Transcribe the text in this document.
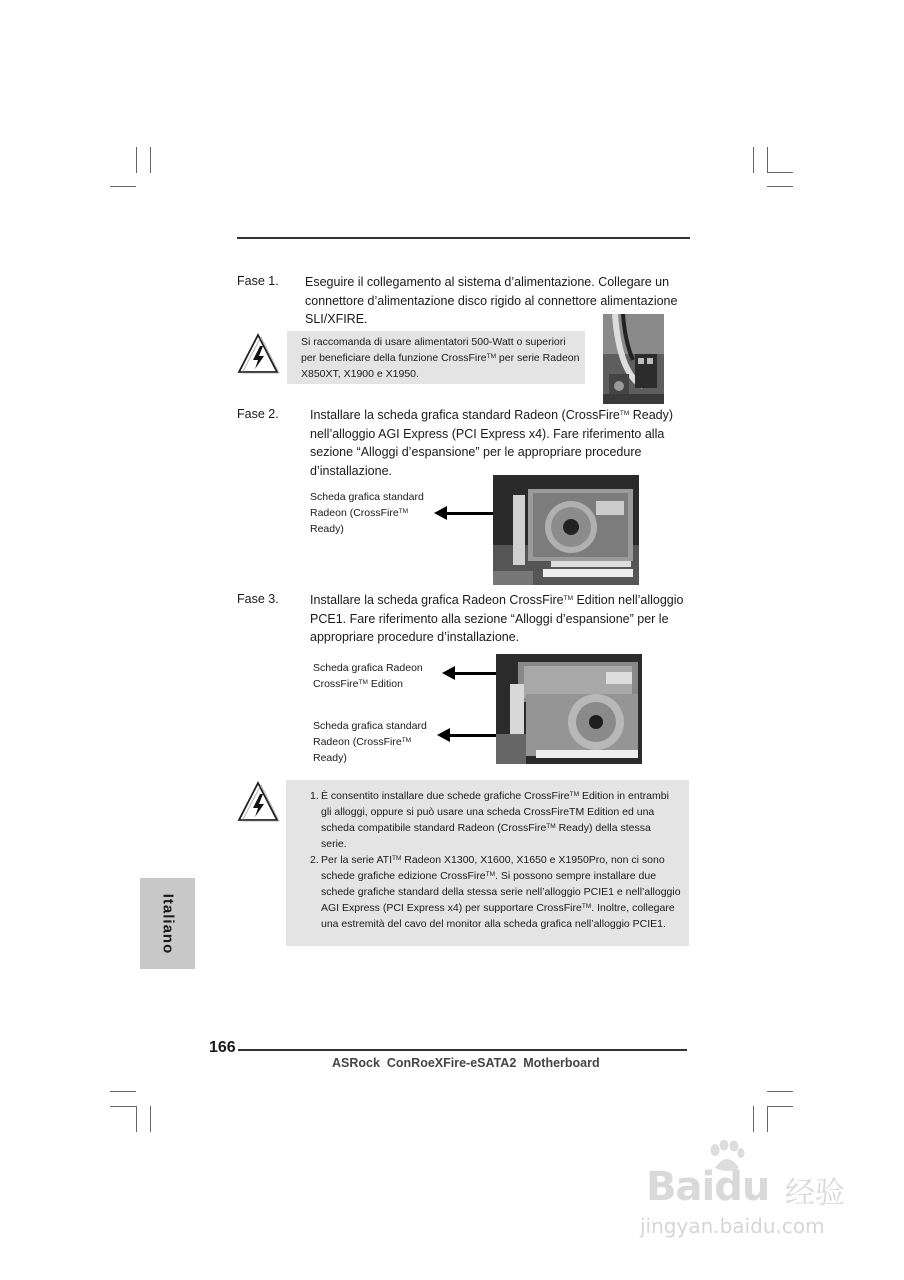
Fase 1. Eseguire il collegamento al sistema d’alimentazione. Collegare un
connettore d’alimentazione disco rigido al connettore alimentazione
SLI/XFIRE.
Si raccomanda di usare alimentatori 500-Watt o superiori
per beneficiare della funzione CrossFire™ per serie Radeon
X850XT, X1900 e X1950.
Fase 2.	Installare la scheda grafica standard Radeon (CrossFire™ Ready)
nell’alloggio AGI Express (PCI Express x4). Fare riferimento alla
sezione “Alloggi d’espansione” per le appropriare procedure
d’installazione.
Scheda grafica standard
Radeon (CrossFire™
Ready)
Fase 3.	Installare la scheda grafica Radeon CrossFire™ Edition nell’alloggio
PCE1. Fare riferimento alla sezione “Alloggi d’espansione” per le
appropriare procedure d’installazione.
Scheda grafica Radeon
CrossFire™ Edition
Scheda grafica standard
Radeon (CrossFire™
Ready)
1. È consentito installare due schede grafiche CrossFire™ Edition in entrambi
gli alloggi, oppure si può usare una scheda CrossFireTM Edition ed una
scheda compatibile standard Radeon (CrossFire™ Ready) della stessa
serie.
2. Per la serie ATI™ Radeon X1300, X1600, X1650 e X1950Pro, non ci sono
schede grafiche edizione CrossFire™. Si possono sempre installare due
schede grafiche standard della stessa serie nell’alloggio PCIE1 e nell’alloggio
AGI Express (PCI Express x4) per supportare CrossFire™. Inoltre, collegare
una estremità del cavo del monitor alla scheda grafica nell’alloggio PCIE1.
Italiano
166
ASRock  ConRoeXFire-eSATA2  Motherboard
Baidu 经验
jingyan.baidu.com
